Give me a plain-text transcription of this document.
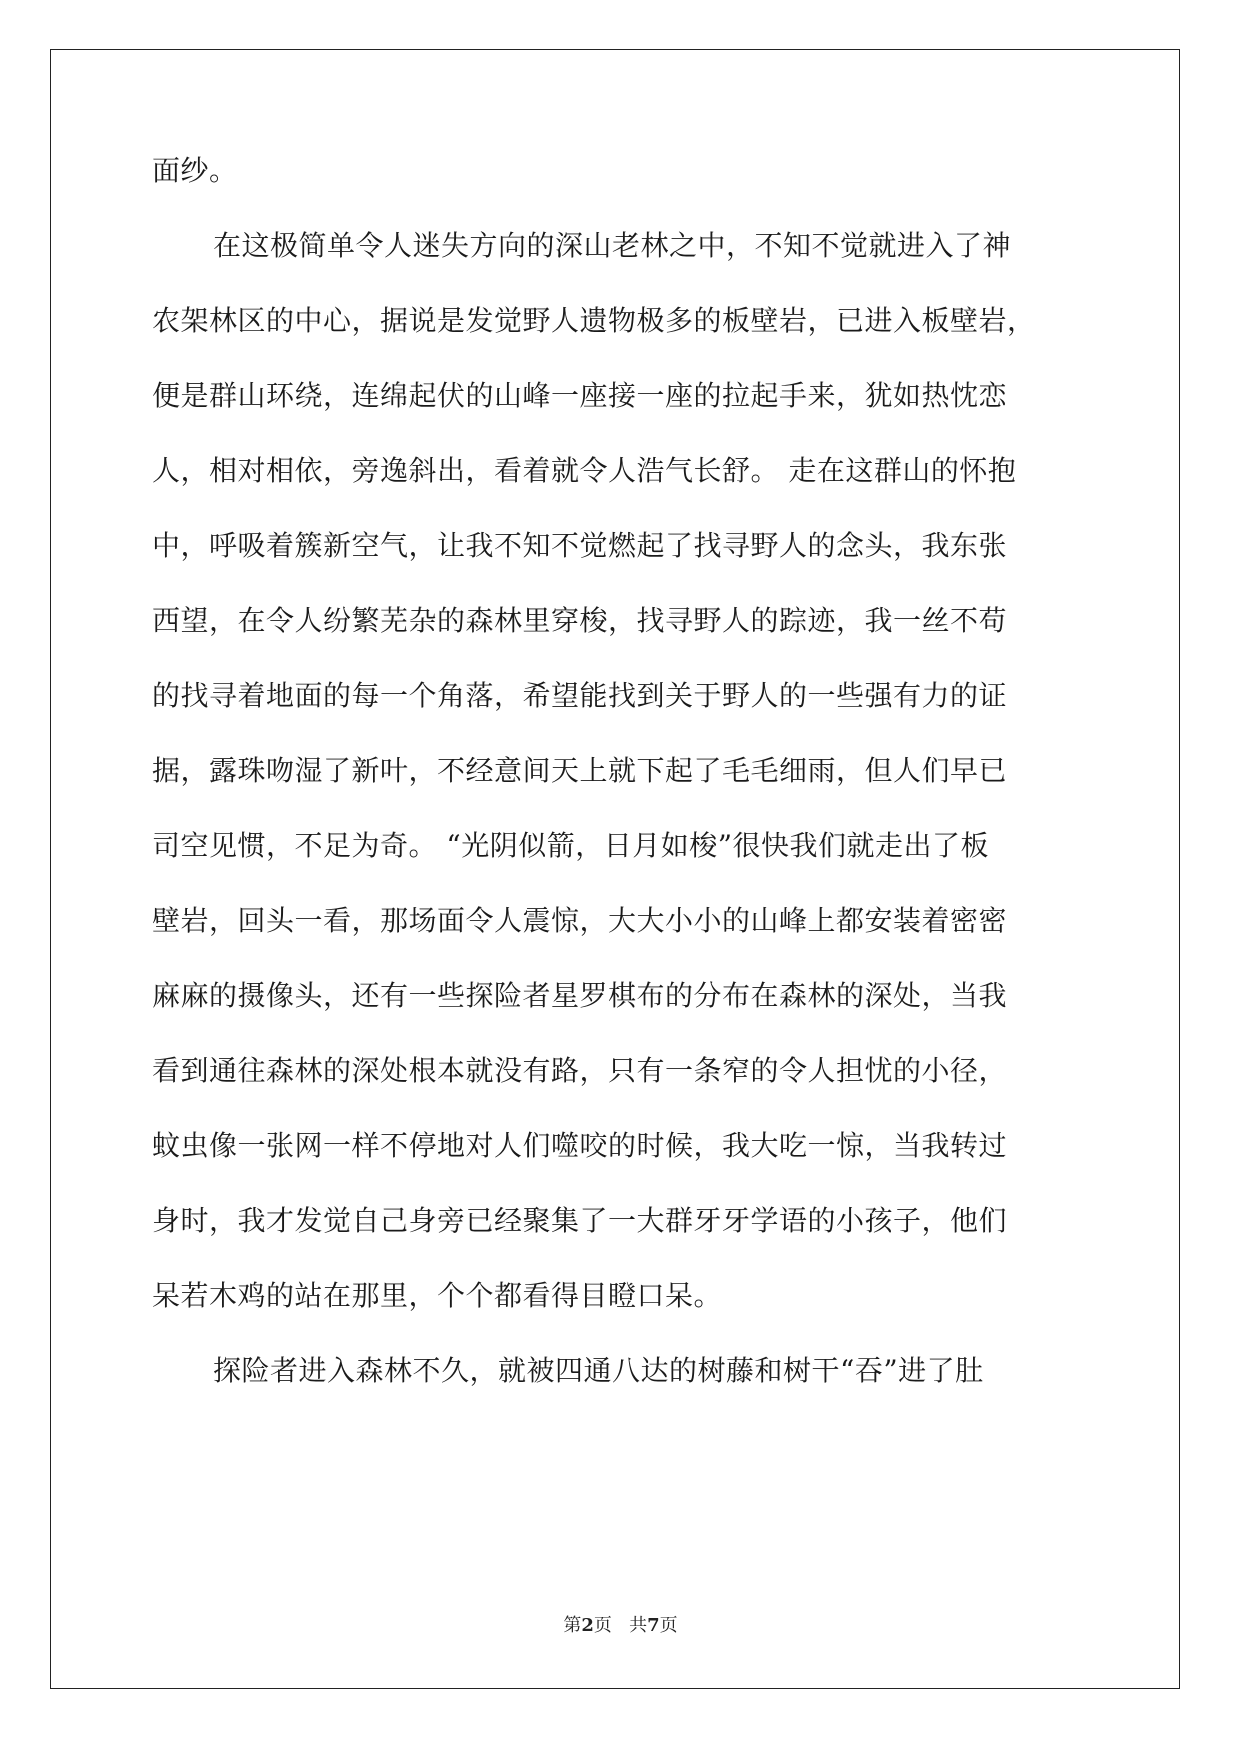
面纱。
在这极简单令人迷失方向的深山老林之中，不知不觉就进入了神
农架林区的中心，据说是发觉野人遗物极多的板壁岩，已进入板壁岩，
便是群山环绕，连绵起伏的山峰一座接一座的拉起手来，犹如热忱恋
人，相对相依，旁逸斜出，看着就令人浩气长舒。 走在这群山的怀抱
中，呼吸着簇新空气，让我不知不觉燃起了找寻野人的念头，我东张
西望，在令人纷繁芜杂的森林里穿梭，找寻野人的踪迹，我一丝不苟
的找寻着地面的每一个角落，希望能找到关于野人的一些强有力的证
据，露珠吻湿了新叶，不经意间天上就下起了毛毛细雨，但人们早已
司空见惯，不足为奇。 “光阴似箭，日月如梭”很快我们就走出了板
壁岩，回头一看，那场面令人震惊，大大小小的山峰上都安装着密密
麻麻的摄像头，还有一些探险者星罗棋布的分布在森林的深处，当我
看到通往森林的深处根本就没有路，只有一条窄的令人担忧的小径，
蚊虫像一张网一样不停地对人们噬咬的时候，我大吃一惊，当我转过
身时，我才发觉自己身旁已经聚集了一大群牙牙学语的小孩子，他们
呆若木鸡的站在那里，个个都看得目瞪口呆。
探险者进入森林不久，就被四通八达的树藤和树干“吞”进了肚
第2页 共7页
